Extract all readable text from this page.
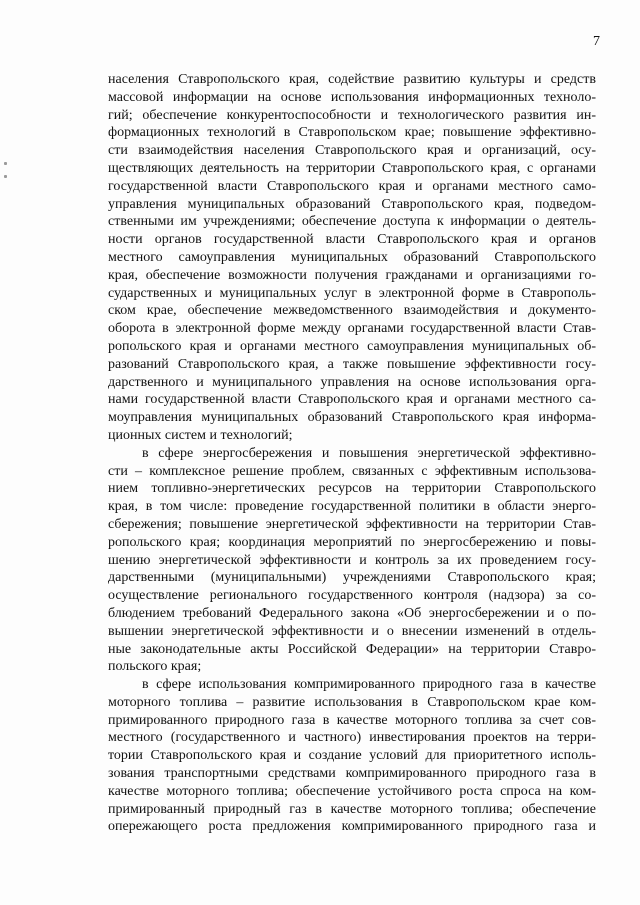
7
населения Ставропольского края, содействие развитию культуры и средств
массовой информации на основе использования информационных техноло-
гий; обеспечение конкурентоспособности и технологического развития ин-
формационных технологий в Ставропольском крае; повышение эффективно-
сти взаимодействия населения Ставропольского края и организаций, осу-
ществляющих деятельность на территории Ставропольского края, с органами
государственной власти Ставропольского края и органами местного само-
управления муниципальных образований Ставропольского края, подведом-
ственными им учреждениями; обеспечение доступа к информации о деятель-
ности органов государственной власти Ставропольского края и органов
местного самоуправления муниципальных образований Ставропольского
края, обеспечение возможности получения гражданами и организациями го-
сударственных и муниципальных услуг в электронной форме в Ставрополь-
ском крае, обеспечение межведомственного взаимодействия и документо-
оборота в электронной форме между органами государственной власти Став-
ропольского края и органами местного самоуправления муниципальных об-
разований Ставропольского края, а также повышение эффективности госу-
дарственного и муниципального управления на основе использования орга-
нами государственной власти Ставропольского края и органами местного са-
моуправления муниципальных образований Ставропольского края информа-
ционных систем и технологий;
в сфере энергосбережения и повышения энергетической эффективно-
сти – комплексное решение проблем, связанных с эффективным использова-
нием топливно-энергетических ресурсов на территории Ставропольского
края, в том числе: проведение государственной политики в области энерго-
сбережения; повышение энергетической эффективности на территории Став-
ропольского края; координация мероприятий по энергосбережению и повы-
шению энергетической эффективности и контроль за их проведением госу-
дарственными (муниципальными) учреждениями Ставропольского края;
осуществление регионального государственного контроля (надзора) за со-
блюдением требований Федерального закона «Об энергосбережении и о по-
вышении энергетической эффективности и о внесении изменений в отдель-
ные законодательные акты Российской Федерации» на территории Ставро-
польского края;
в сфере использования компримированного природного газа в качестве
моторного топлива – развитие использования в Ставропольском крае ком-
примированного природного газа в качестве моторного топлива за счет сов-
местного (государственного и частного) инвестирования проектов на терри-
тории Ставропольского края и создание условий для приоритетного исполь-
зования транспортными средствами компримированного природного газа в
качестве моторного топлива; обеспечение устойчивого роста спроса на ком-
примированный природный газ в качестве моторного топлива; обеспечение
опережающего роста предложения компримированного природного газа и
